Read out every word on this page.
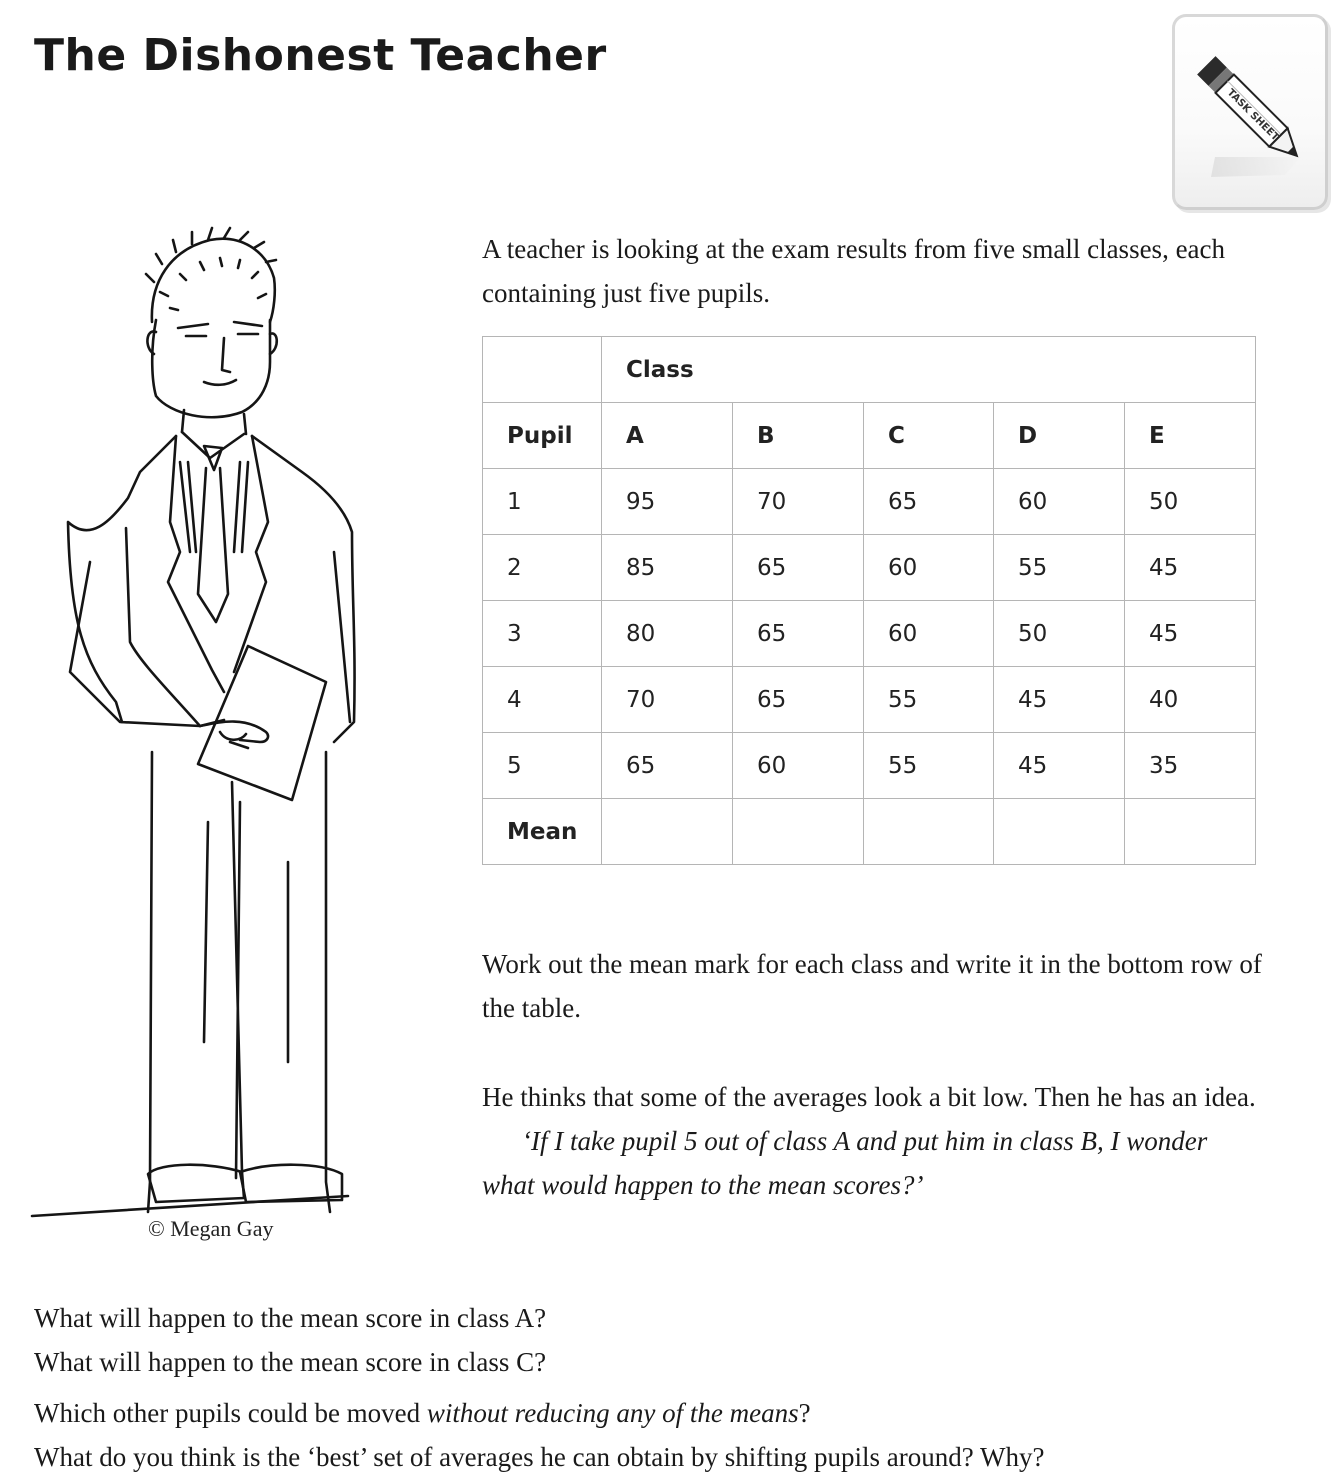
The Dishonest Teacher
TASK SHEET
© Megan Gay
A teacher is looking at the exam results from five small classes, each containing just five pupils.
	Class				
Pupil	A	B	C	D	E
1	95	70	65	60	50
2	85	65	60	55	45
3	80	65	60	50	45
4	70	65	55	45	40
5	65	60	55	45	35
Mean					
Work out the mean mark for each class and write it in the bottom row of the table.

He thinks that some of the averages look a bit low. Then he has an idea.

‘If I take pupil 5 out of class A and put him in class B, I wonder what would happen to the mean scores?’

What will happen to the mean score in class A?
What will happen to the mean score in class C?
Which other pupils could be moved without reducing any of the means?
What do you think is the ‘best’ set of averages he can obtain by shifting pupils around? Why?
